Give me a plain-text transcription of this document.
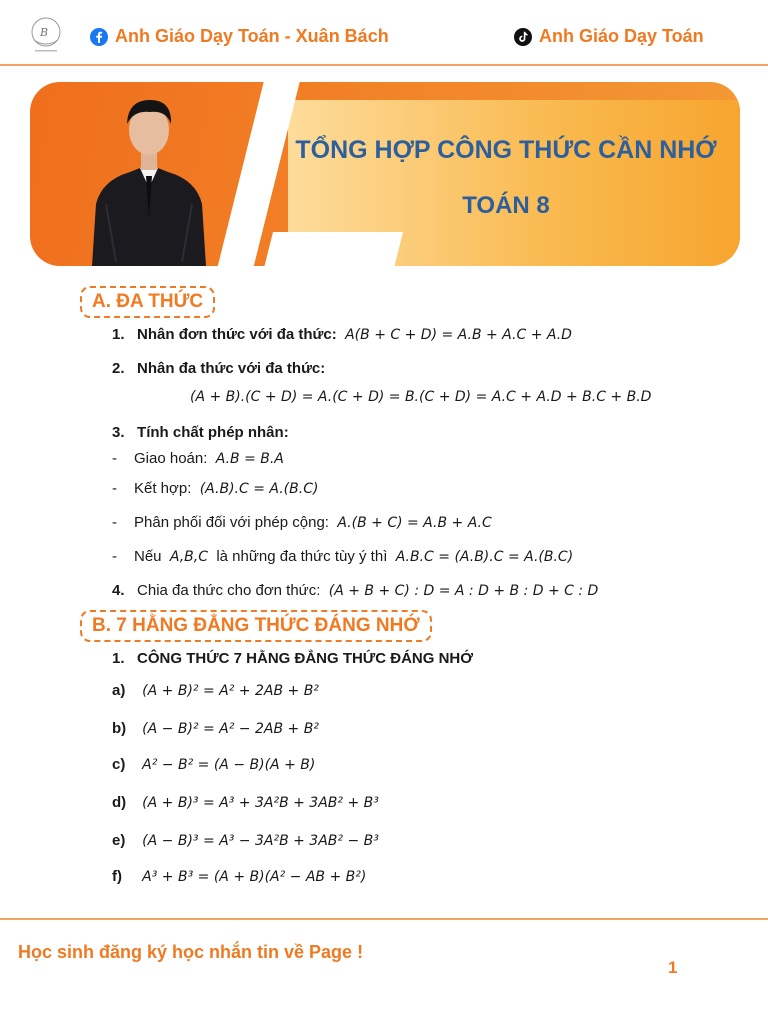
B	Anh Giáo Dạy Toán - Xuân Bách	Anh Giáo Dạy Toán
TỔNG HỢP CÔNG THỨC CẦN NHỚ
TOÁN 8
A. ĐA THỨC
1. Nhân đơn thức với đa thức: A(B + C + D) = A.B + A.C + A.D
2. Nhân đa thức với đa thức:
(A + B).(C + D) = A.(C + D) = B.(C + D) = A.C + A.D + B.C + B.D
3. Tính chất phép nhân:
- Giao hoán: A.B = B.A
- Kết hợp: (A.B).C = A.(B.C)
- Phân phối đối với phép cộng: A.(B + C) = A.B + A.C
- Nếu A,B,C là những đa thức tùy ý thì A.B.C = (A.B).C = A.(B.C)
4. Chia đa thức cho đơn thức: (A + B + C) : D = A : D + B : D + C : D
B. 7 HẰNG ĐẲNG THỨC ĐÁNG NHỚ
1. CÔNG THỨC 7 HẰNG ĐẲNG THỨC ĐÁNG NHỚ
a) (A + B)² = A² + 2AB + B²
b) (A − B)² = A² − 2AB + B²
c) A² − B² = (A − B)(A + B)
d) (A + B)³ = A³ + 3A²B + 3AB² + B³
e) (A − B)³ = A³ − 3A²B + 3AB² − B³
f) A³ + B³ = (A + B)(A² − AB + B²)
Học sinh đăng ký học nhắn tin về Page !
1
